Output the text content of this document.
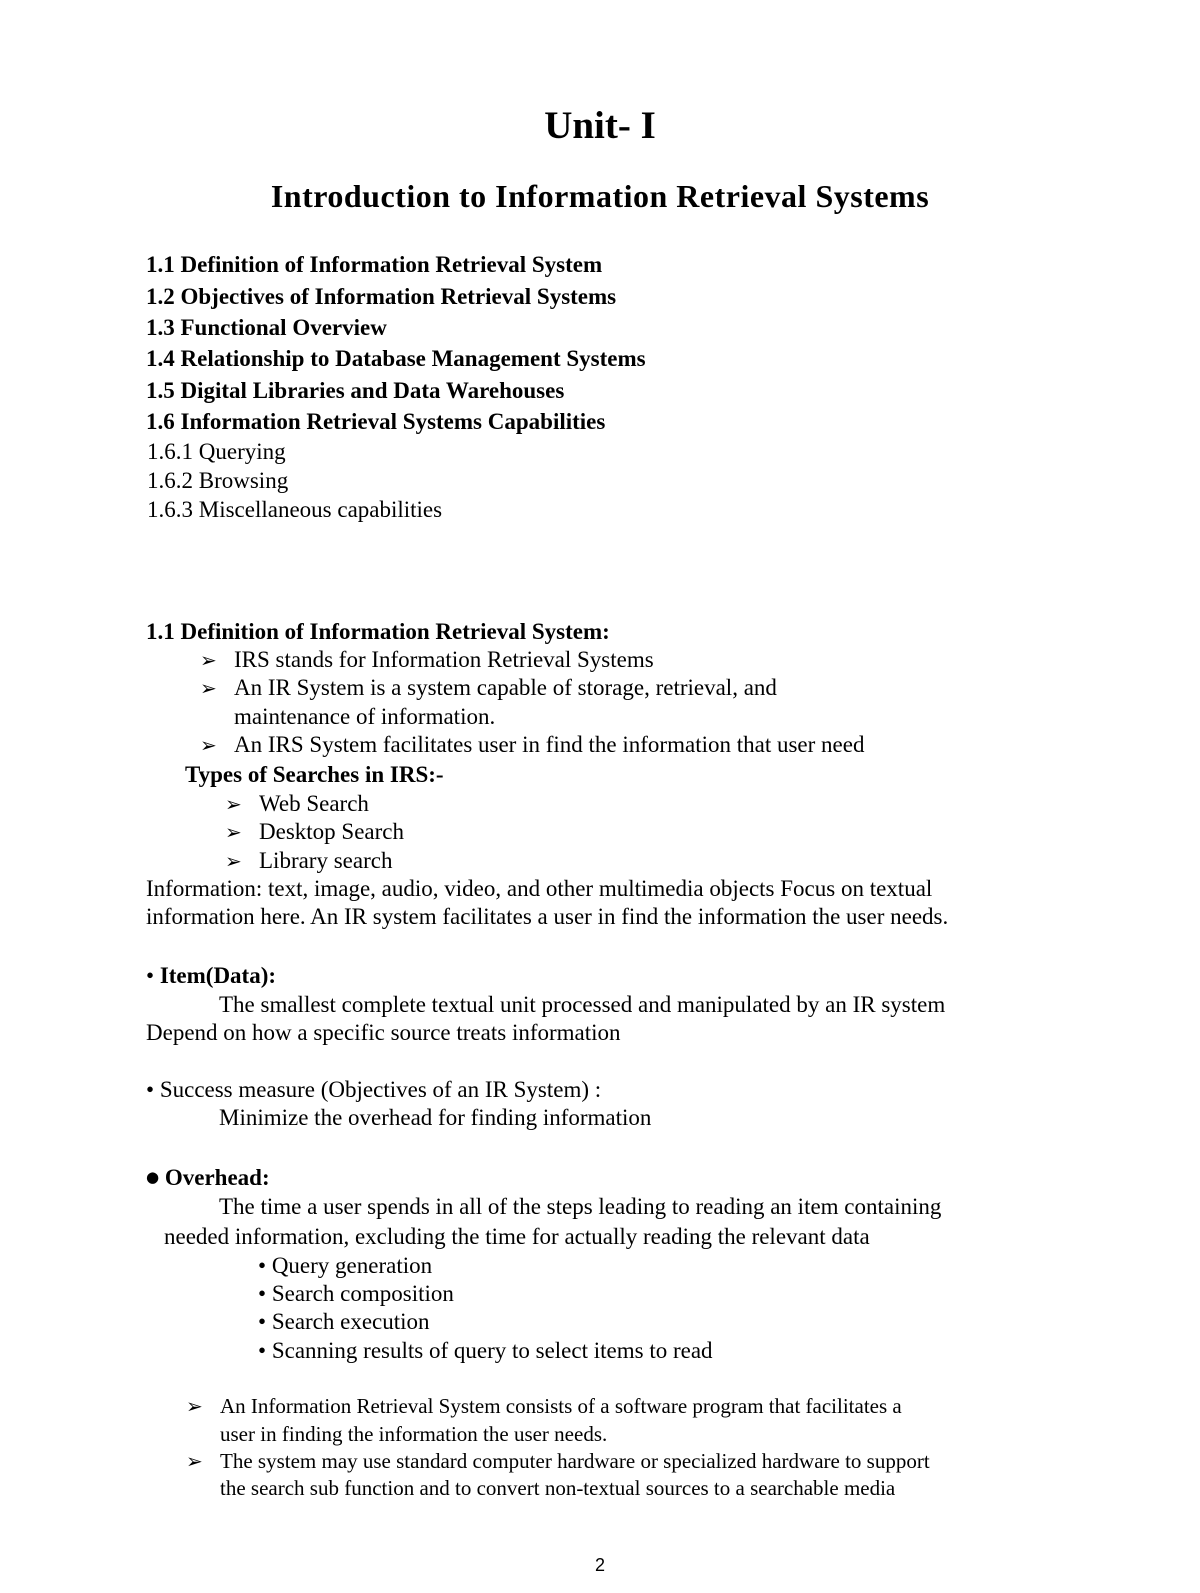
Unit- I
Introduction to Information Retrieval Systems
1.1 Definition of Information Retrieval System
1.2 Objectives of Information Retrieval Systems
1.3 Functional Overview
1.4 Relationship to Database Management Systems
1.5 Digital Libraries and Data Warehouses
1.6 Information Retrieval Systems Capabilities
1.6.1 Querying
1.6.2 Browsing
1.6.3 Miscellaneous capabilities
1.1 Definition of Information Retrieval System:
➢ IRS stands for Information Retrieval Systems
➢ An IR System is a system capable of storage, retrieval, and
maintenance of information.
➢ An IRS System facilitates user in find the information that user need
Types of Searches in IRS:-
➢ Web Search
➢ Desktop Search
➢ Library search
Information: text, image, audio, video, and other multimedia objects Focus on textual
information here. An IR system facilitates a user in find the information the user needs.
• Item(Data):
The smallest complete textual unit processed and manipulated by an IR system
Depend on how a specific source treats information
• Success measure (Objectives of an IR System) :
Minimize the overhead for finding information
● Overhead:
The time a user spends in all of the steps leading to reading an item containing
needed information, excluding the time for actually reading the relevant data
• Query generation
• Search composition
• Search execution
• Scanning results of query to select items to read
➢ An Information Retrieval System consists of a software program that facilitates a
user in finding the information the user needs.
➢ The system may use standard computer hardware or specialized hardware to support
the search sub function and to convert non-textual sources to a searchable media
2
